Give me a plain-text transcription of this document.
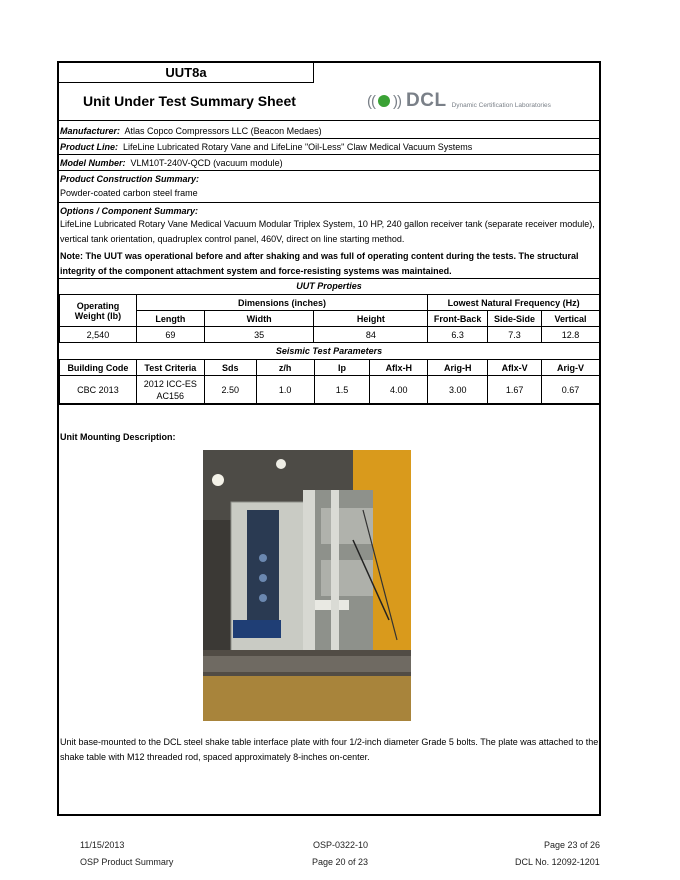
UUT8a
Unit Under Test Summary Sheet	(( )) DCL Dynamic Certification Laboratories
Manufacturer: Atlas Copco Compressors LLC (Beacon Medaes)
Product Line: LifeLine Lubricated Rotary Vane and LifeLine "Oil-Less" Claw Medical Vacuum Systems
Model Number: VLM10T-240V-QCD (vacuum module)
Product Construction Summary:
Powder-coated carbon steel frame
Options / Component Summary:
LifeLine Lubricated Rotary Vane Medical Vacuum Modular Triplex System, 10 HP, 240 gallon receiver tank (separate receiver module), vertical tank orientation, quadruplex control panel, 460V, direct on line starting method.
Note: The UUT was operational before and after shaking and was full of operating content during the tests. The structural integrity of the component attachment system and force-resisting systems was maintained.
UUT Properties
Operating Weight (lb)	Dimensions (inches)			Lowest Natural Frequency (Hz)		
	Length	Width	Height	Front-Back	Side-Side	Vertical
2,540	69	35	84	6.3	7.3	12.8
Seismic Test Parameters
Building Code	Test Criteria	Sds	z/h	Ip	Aflx-H	Arig-H	Aflx-V	Arig-V
CBC 2013	2012 ICC-ES AC156	2.50	1.0	1.5	4.00	3.00	1.67	0.67
Unit Mounting Description:
Unit base-mounted to the DCL steel shake table interface plate with four 1/2-inch diameter Grade 5 bolts. The plate was attached to the shake table with M12 threaded rod, spaced approximately 8-inches on-center.
11/15/2013	OSP-0322-10	Page 23 of 26
OSP Product Summary	Page 20 of 23	DCL No. 12092-1201
